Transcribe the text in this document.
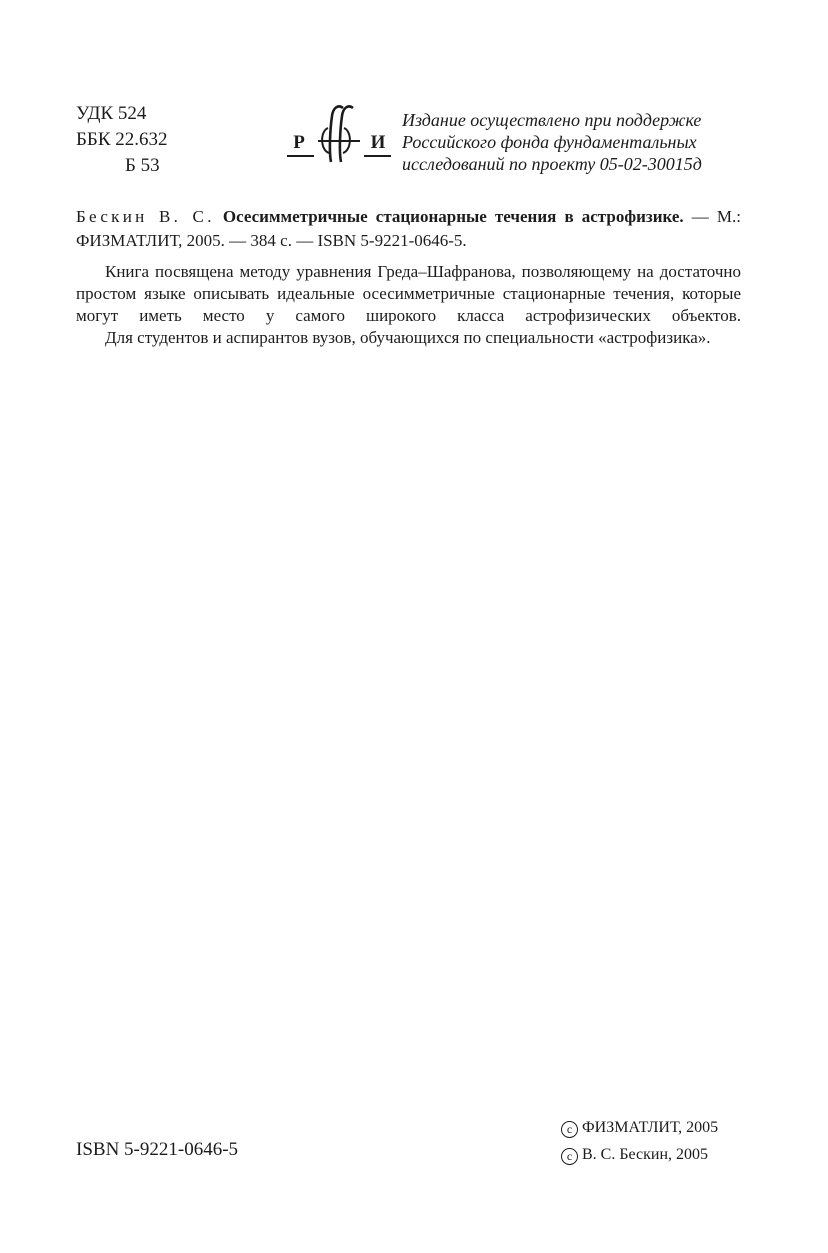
УДК 524
ББК 22.632
Б 53
Р	И
Издание осуществлено при поддержке
Российского фонда фундаментальных
исследований по проекту 05-02-30015д
Бескин В. С. Осесимметричные стационарные течения в астрофизике. — М.: ФИЗМАТЛИТ, 2005. — 384 с. — ISBN 5-9221-0646-5.

Книга посвящена методу уравнения Греда–Шафранова, позволяющему на достаточно простом языке описывать идеальные осесимметричные стационарные течения, которые могут иметь место у самого широкого класса астрофизических объектов.

Для студентов и аспирантов вузов, обучающихся по специальности «астрофизика».

ISBN 5-9221-0646-5
c ФИЗМАТЛИТ, 2005
c В. С. Бескин, 2005
